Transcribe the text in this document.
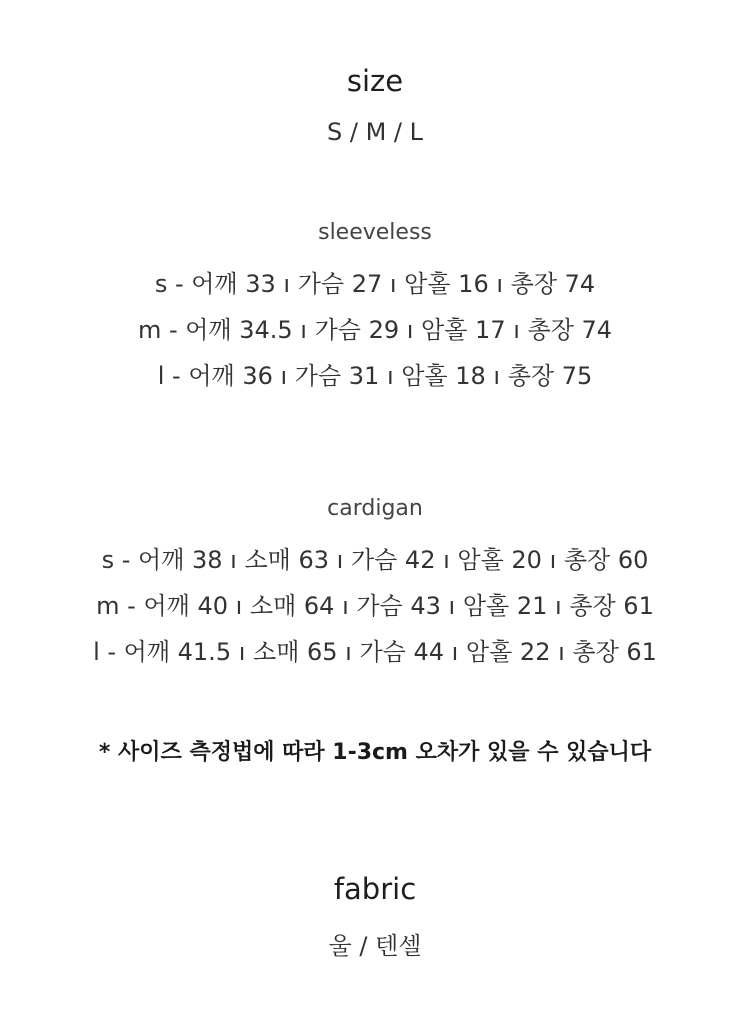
size
S / M / L
sleeveless
s - 어깨 33 ı 가슴 27 ı 암홀 16 ı 총장 74
m - 어깨 34.5 ı 가슴 29 ı 암홀 17 ı 총장 74
l - 어깨 36 ı 가슴 31 ı 암홀 18 ı 총장 75
cardigan
s - 어깨 38 ı 소매 63 ı 가슴 42 ı 암홀 20 ı 총장 60
m - 어깨 40 ı 소매 64 ı 가슴 43 ı 암홀 21 ı 총장 61
l - 어깨 41.5 ı 소매 65 ı 가슴 44 ı 암홀 22 ı 총장 61
* 사이즈 측정법에 따라 1-3cm 오차가 있을 수 있습니다
fabric
울 / 텐셀
